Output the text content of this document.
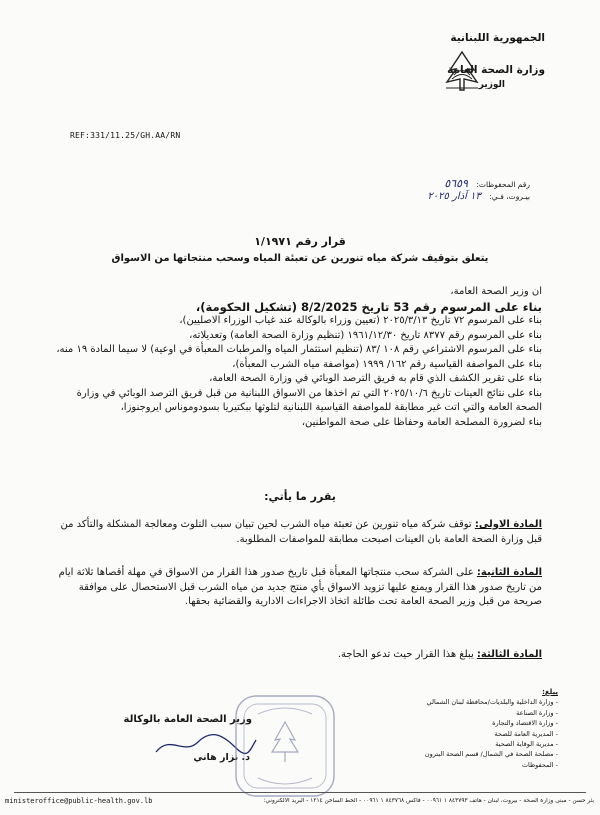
الجمهورية اللبنانية
وزارة الصحة العامة
الوزير
REF:331/11.25/GH.AA/RN
رقم المحفوظات: ٥٦٥٩
بيـروت، فـي: ١٣ آذار ٢٠٢٥
قرار رقم ١/١٩٧١
يتعلق بتوقيف شركة مياه تنورين عن تعبئة المياه وسحب منتجاتها من الاسواق

ان وزير الصحة العامة،

بناء على المرسوم رقم 53 تاريخ 8/2/2025 (تشكيل الحكومة)،

بناء على المرسوم ٧٢ تاريخ ٢٠٢٥/٣/١٣ (تعيين وزراء بالوكالة عند غياب الوزراء الاصليين)،

بناء على المرسوم رقم ٨٣٧٧ تاريخ ١٩٦١/١٢/٣٠ (تنظيم وزارة الصحة العامة) وتعديلاته،

بناء على المرسوم الاشتراعي رقم ١٠٨ /٨٣ (تنظيم استثمار المياه والمرطبات المعبأة في اوعية) لا سيما المادة ١٩ منه،

بناء على المواصفة القياسية رقم ١٦٢/ ١٩٩٩ (مواصفة مياه الشرب المعبأة)،

بناء على تقرير الكشف الذي قام به فريق الترصد الوبائي في وزارة الصحة العامة،

بناء على نتائج العينات تاريخ ٢٠٢٥/١٠/٦ التي تم اخذها من الاسواق اللبنانية من قبل فريق الترصد الوبائي في وزارة الصحة العامة والتي اتت غير مطابقة للمواصفة القياسية اللبنانية لتلوثها ببكتيريا بسودوموناس ايروجنوزا،

بناء لضرورة المصلحة العامة وحفاظا على صحة المواطنين،

يقرر ما يأتي:
المادة الاولى: توقف شركة مياه تنورين عن تعبئة مياه الشرب لحين تبيان سبب التلوث ومعالجة المشكلة والتأكد من قبل وزارة الصحة العامة بان العينات اصبحت مطابقة للمواصفات المطلوبة.
المادة الثانية: على الشركة سحب منتجاتها المعبأة قبل تاريخ صدور هذا القرار من الاسواق في مهلة أقصاها ثلاثة ايام من تاريخ صدور هذا القرار ويمنع عليها تزويد الاسواق بأي منتج جديد من مياه الشرب قبل الاستحصال على موافقة صريحة من قبل وزير الصحة العامة تحت طائلة اتخاذ الاجراءات الادارية والقضائية بحقها.
المادة الثالثة: يبلغ هذا القرار حيث تدعو الحاجة.
وزير الصحة العامة بالوكالة
د. نزار هاني
يبلغ:
- وزارة الداخلية والبلديات/محافظة لبنان الشمالي
- وزارة الصناعة
- وزارة الاقتصاد والتجارة
- المديرية العامة للصحة
- مديرية الوقاية الصحية
- مصلحة الصحة في الشمال/ قسم الصحة البترون
- المحفوظات
ministeroffice@public-health.gov.lb	بئر حسن - مبنى وزارة الصحة - بيروت، لبنان - هاتف ٨٤٣٧٩٣ ١ ٠٠٩٦١ - فاكس ٨٤٣٧٦٨ ١ ٠٠٩٦١ - الخط الساخن ١٢١٤ - البريد الالكتروني:
